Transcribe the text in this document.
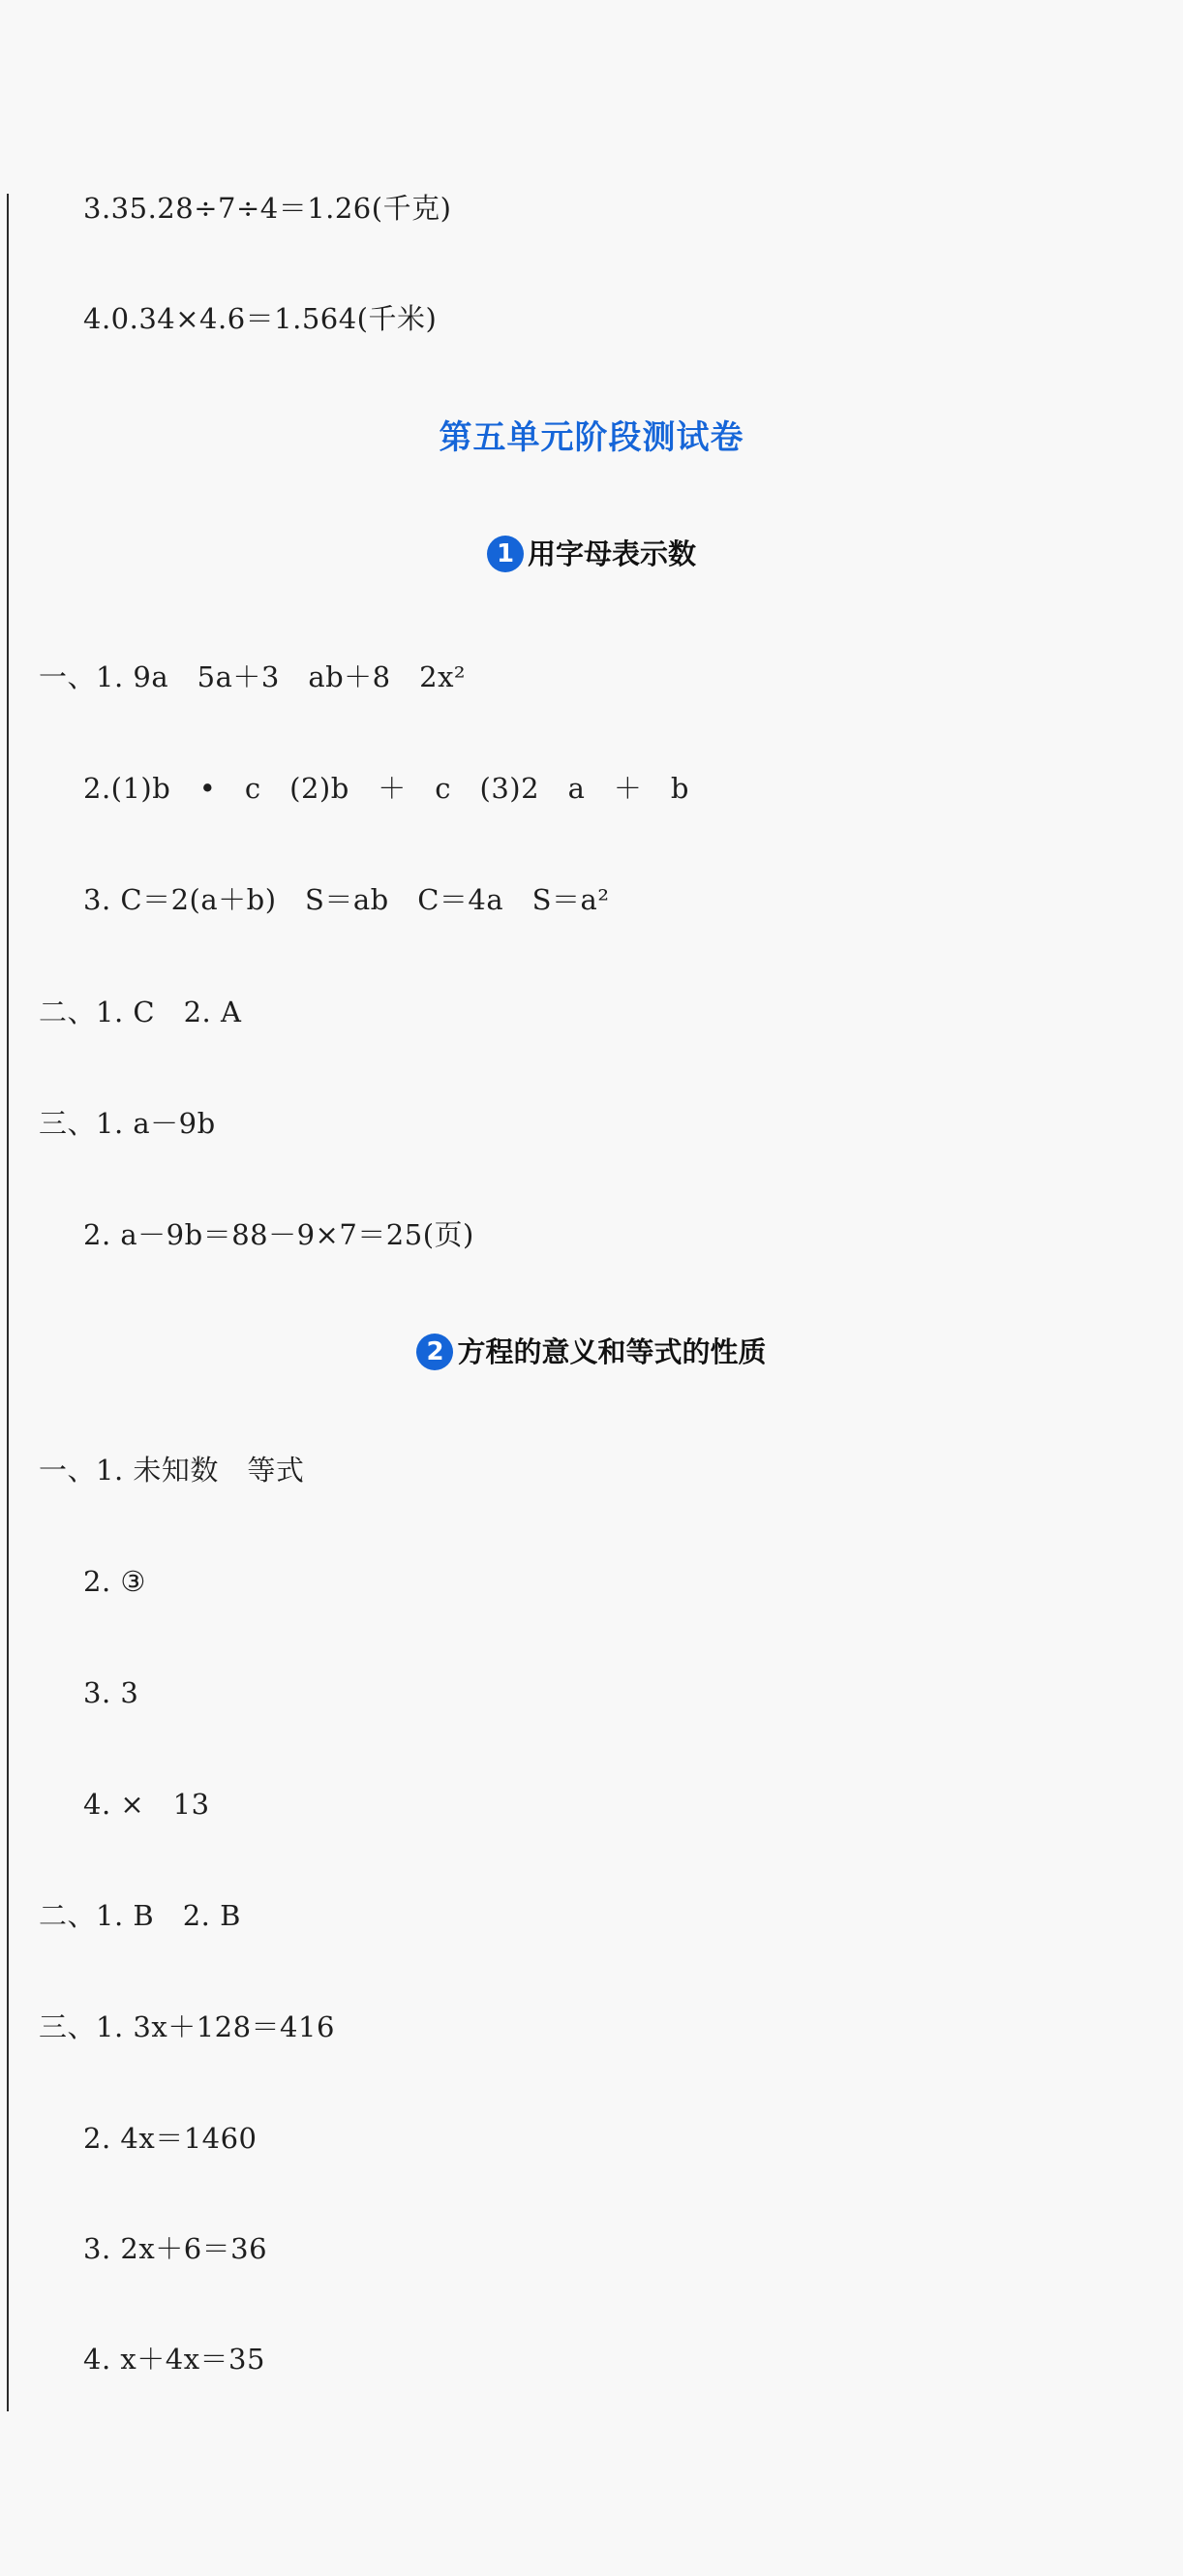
3.35.28÷7÷4＝1.26(千克)
4.0.34×4.6＝1.564(千米)
第五单元阶段测试卷
1 用字母表示数
一、1. 9a　5a＋3　ab＋8　2x²
2.(1)b　•　c　(2)b　＋　c　(3)2　a　＋　b
3. C＝2(a＋b)　S＝ab　C＝4a　S＝a²
二、1. C　2. A
三、1. a－9b
2. a－9b＝88－9×7＝25(页)
2 方程的意义和等式的性质
一、1. 未知数　等式
2. ③
3. 3
4. ×　13
二、1. B　2. B
三、1. 3x＋128＝416
2. 4x＝1460
3. 2x＋6＝36
4. x＋4x＝35
